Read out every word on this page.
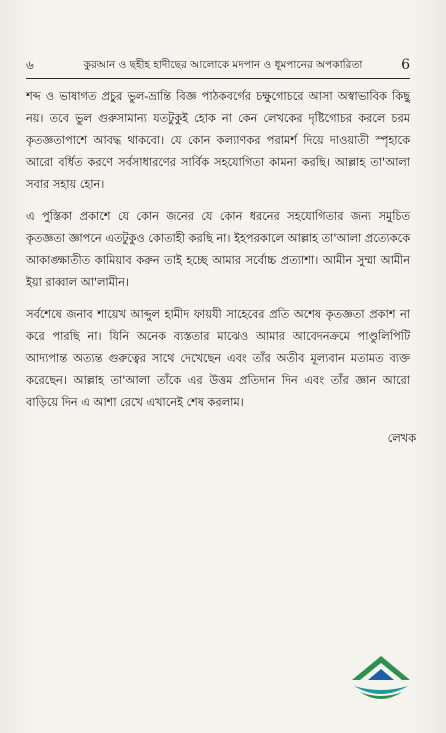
৬	কুরআন ও ছহীহ হাদীছের আলোকে মদপান ও ধূমপানের অপকারিতা	6

শব্দ ও ভাষাগত প্রচুর ভুল-ভ্রান্তি বিজ্ঞ পাঠকবর্গের চক্ষুগোচরে আসা অস্বাভাবিক কিছু নয়। তবে ভুল গুরুসামান্য যতটুকুই হোক না কেন লেখকের দৃষ্টিগোচর করলে চরম কৃতজ্ঞতাপাশে আবদ্ধ থাকবো। যে কোন কল্যাণকর পরামর্শ দিয়ে দাওয়াতী স্পৃহাকে আরো বর্ধিত করণে সর্বসাধারণের সার্বিক সহযোগিতা কামনা করছি। আল্লাহ তা'আলা সবার সহায় হোন।

এ পুস্তিকা প্রকাশে যে কোন জনের যে কোন ধরনের সহযোগিতার জন্য সমুচিত কৃতজ্ঞতা জ্ঞাপনে এতটুকুও কোতাহী করছি না। ইহপরকালে আল্লাহ তা'আলা প্রত্যেককে আকাঙ্ক্ষাতীত কামিয়াব করুন তাই হচ্ছে আমার সর্বোচ্চ প্রত্যাশা। আমীন সুম্মা আমীন ইয়া রাব্বাল আ'লামীন।

সর্বশেষে জনাব শায়েখ আব্দুল হামীদ ফায়যী সাহেবের প্রতি অশেষ কৃতজ্ঞতা প্রকাশ না করে পারছি না। যিনি অনেক ব্যস্ততার মাঝেও আমার আবেদনক্রমে পাণ্ডুলিপিটি আদ্যপান্ত অত্যন্ত গুরুত্বের সাথে দেখেছেন এবং তাঁর অতীব মূল্যবান মতামত ব্যক্ত করেছেন। আল্লাহ তা'আলা তাঁকে এর উত্তম প্রতিদান দিন এবং তাঁর জ্ঞান আরো বাড়িয়ে দিন এ আশা রেখে এখানেই শেষ করলাম।

লেখক
